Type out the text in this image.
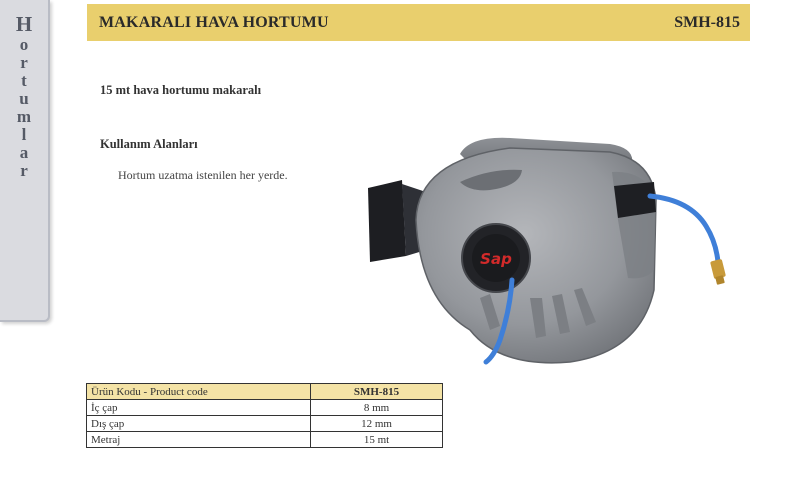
H
o
r
t
u
m
l
a
r
MAKARALI HAVA HORTUMU	SMH-815
15 mt hava hortumu makaralı
Kullanım Alanları
Hortum uzatma istenilen her yerde.
Sap
Ürün Kodu - Product code	SMH-815
İç çap	8 mm
Dış çap	12 mm
Metraj	15 mt
